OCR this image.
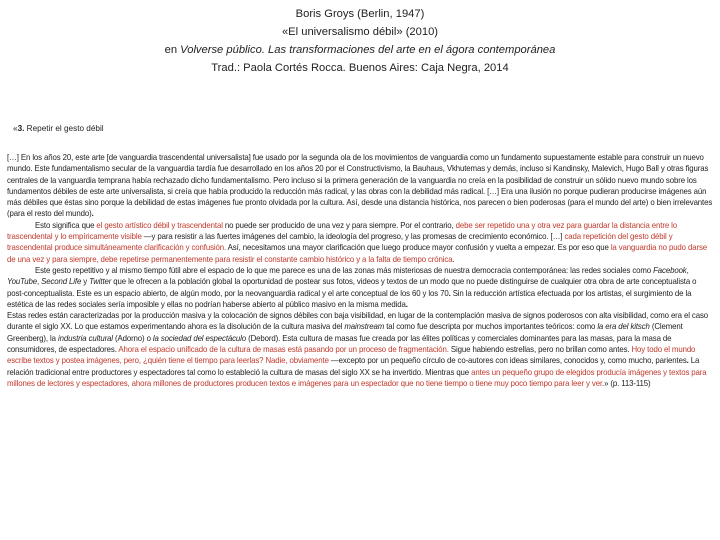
Boris Groys (Berlin, 1947)
«El universalismo débil» (2010)
en Volverse público. Las transformaciones del arte en el ágora contemporánea
Trad.: Paola Cortés Rocca. Buenos Aires: Caja Negra, 2014
«3. Repetir el gesto débil

[…] En los años 20, este arte [de vanguardia trascendental universalista] fue usado por la segunda ola de los movimientos de vanguardia como un fundamento supuestamente estable para construir un nuevo mundo. Este fundamentalismo secular de la vanguardia tardía fue desarrollado en los años 20 por el Constructivismo, la Bauhaus, Vkhutemas y demás, incluso si Kandinsky, Malevich, Hugo Ball y otras figuras centrales de la vanguardia temprana había rechazado dicho fundamentalismo. Pero incluso si la primera generación de la vanguardia no creía en la posibilidad de construir un sólido nuevo mundo sobre los fundamentos débiles de este arte universalista, si creía que había producido la reducción más radical, y las obras con la debilidad más radical. […] Era una ilusión no porque pudieran producirse imágenes aún más débiles que éstas sino porque la debilidad de estas imágenes fue pronto olvidada por la cultura. Así, desde una distancia histórica, nos parecen o bien poderosas (para el mundo del arte) o bien irrelevantes (para el resto del mundo).

Esto significa que el gesto artístico débil y trascendental no puede ser producido de una vez y para siempre. Por el contrario, debe ser repetido una y otra vez para guardar la distancia entre lo trascendental y lo empíricamente visible —y para resistir a las fuertes imágenes del cambio, la ideología del progreso, y las promesas de crecimiento económico. […] cada repetición del gesto débil y trascendental produce simultáneamente clarificación y confusión. Así, necesitamos una mayor clarificación que luego produce mayor confusión y vuelta a empezar. Es por eso que la vanguardia no pudo darse de una vez y para siempre, debe repetirse permanentemente para resistir el constante cambio histórico y a la falta de tiempo crónica.

Este gesto repetitivo y al mismo tiempo fútil abre el espacio de lo que me parece es una de las zonas más misteriosas de nuestra democracia contemporánea: las redes sociales como Facebook, YouTube, Second Life y Twitter que le ofrecen a la población global la oportunidad de postear sus fotos, videos y textos de un modo que no puede distinguirse de cualquier otra obra de arte conceptualista o post-conceptualista. Este es un espacio abierto, de algún modo, por la neovanguardia radical y el arte conceptual de los 60 y los 70. Sin la reducción artística efectuada por los artistas, el surgimiento de la estética de las redes sociales sería imposible y ellas no podrían haberse abierto al público masivo en la misma medida.

Estas redes están caracterizadas por la producción masiva y la colocación de signos débiles con baja visibilidad, en lugar de la contemplación masiva de signos poderosos con alta visibilidad, como era el caso durante el siglo XX. Lo que estamos experimentando ahora es la disolución de la cultura masiva del mainstream tal como fue descripta por muchos importantes teóricos: como la era del kitsch (Clement Greenberg), la industria cultural (Adorno) o la sociedad del espectáculo (Debord). Esta cultura de masas fue creada por las élites políticas y comerciales dominantes para las masas, para la masa de consumidores, de espectadores. Ahora el espacio unificado de la cultura de masas está pasando por un proceso de fragmentación. Sigue habiendo estrellas, pero no brillan como antes. Hoy todo el mundo escribe textos y postea imágenes, pero, ¿quién tiene el tiempo para leerlas? Nadie, obviamente —excepto por un pequeño círculo de co-autores con ideas similares, conocidos y, como mucho, parientes. La relación tradicional entre productores y espectadores tal como lo estableció la cultura de masas del siglo XX se ha invertido. Mientras que antes un pequeño grupo de elegidos producía imágenes y textos para millones de lectores y espectadores, ahora millones de productores producen textos e imágenes para un espectador que no tiene tiempo o tiene muy poco tiempo para leer y ver.» (p. 113-115)
